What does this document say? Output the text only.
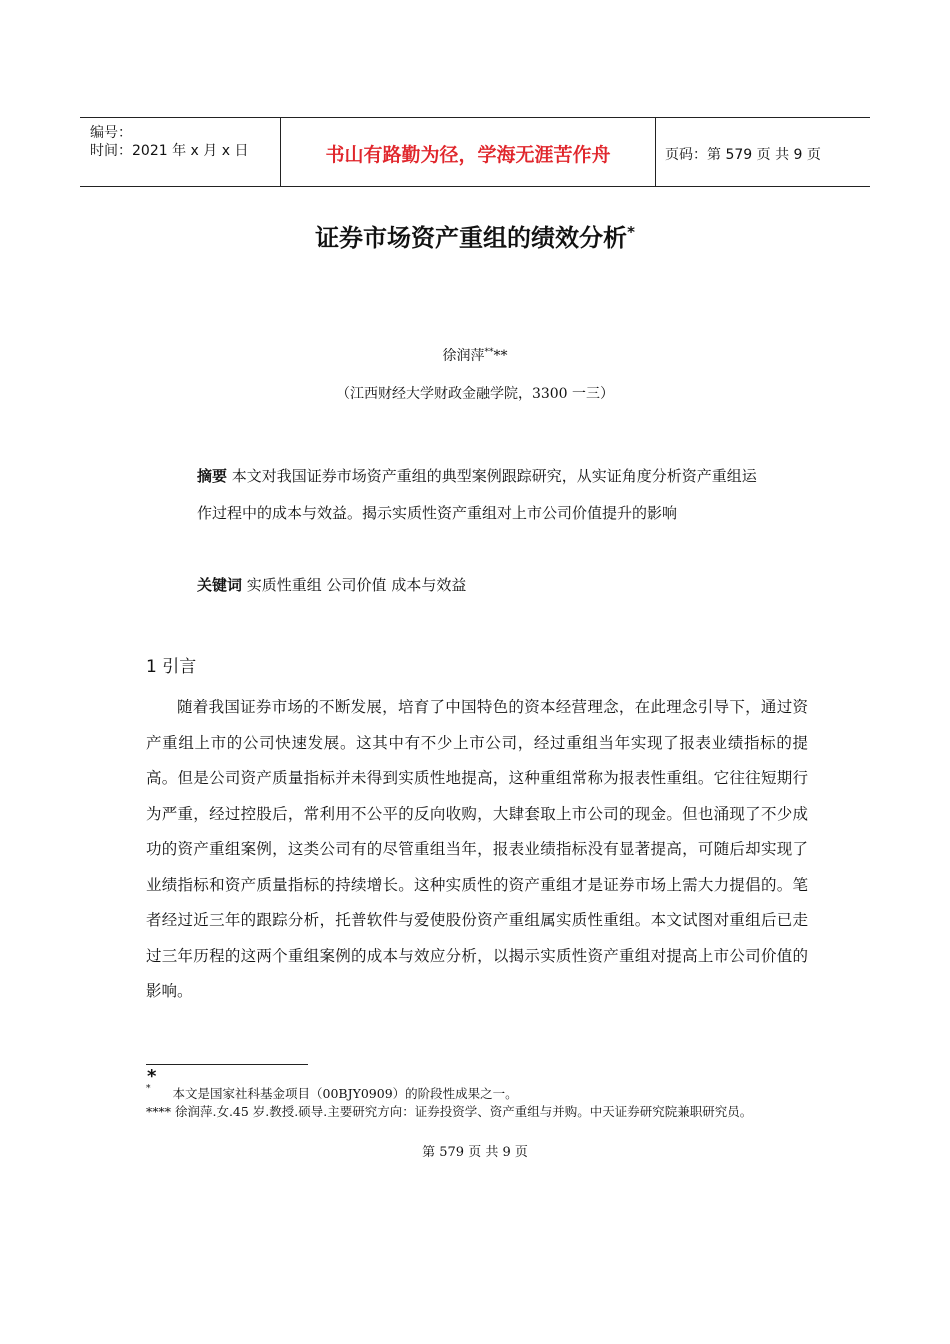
编号：
时间：2021 年 x 月 x 日	书山有路勤为径，学海无涯苦作舟	页码：第 579 页 共 9 页
证券市场资产重组的绩效分析*
徐润萍****
（江西财经大学财政金融学院，3300 一三）
摘要 本文对我国证券市场资产重组的典型案例跟踪研究，从实证角度分析资产重组运作过程中的成本与效益。揭示实质性资产重组对上市公司价值提升的影响
关键词 实质性重组 公司价值 成本与效益
1 引言
随着我国证券市场的不断发展，培育了中国特色的资本经营理念，在此理念引导下，通过资产重组上市的公司快速发展。这其中有不少上市公司，经过重组当年实现了报表业绩指标的提高。但是公司资产质量指标并未得到实质性地提高，这种重组常称为报表性重组。它往往短期行为严重，经过控股后，常利用不公平的反向收购，大肆套取上市公司的现金。但也涌现了不少成功的资产重组案例，这类公司有的尽管重组当年，报表业绩指标没有显著提高，可随后却实现了业绩指标和资产质量指标的持续增长。这种实质性的资产重组才是证券市场上需大力提倡的。笔者经过近三年的跟踪分析，托普软件与爱使股份资产重组属实质性重组。本文试图对重组后已走过三年历程的这两个重组案例的成本与效应分析，以揭示实质性资产重组对提高上市公司价值的影响。
*
* 本文是国家社科基金项目（00BJY0909）的阶段性成果之一。
**** 徐润萍.女.45 岁.教授.硕导.主要研究方向：证券投资学、资产重组与并购。中天证券研究院兼职研究员。
第 579 页 共 9 页
